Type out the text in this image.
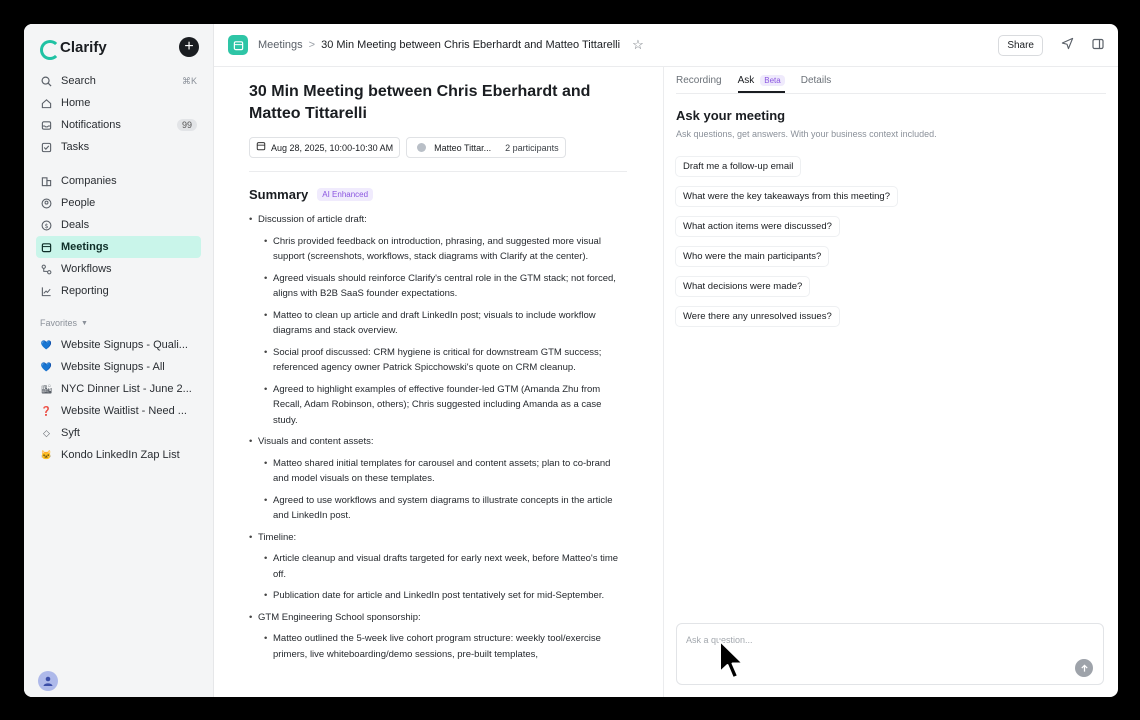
Clarify	+
Search	⌘K
Home
Notifications	99
Tasks
Companies
People
$ Deals
Meetings
Workflows
Reporting
Favorites ▼
💙 Website Signups - Quali...
💙 Website Signups - All
🏙 NYC Dinner List - June 2...
❓ Website Waitlist - Need ...
◇ Syft
🐱 Kondo LinkedIn Zap List
Meetings > 30 Min Meeting between Chris Eberhardt and Matteo Tittarelli ☆	Share
30 Min Meeting between Chris Eberhardt and Matteo Tittarelli
Aug 28, 2025, 10:00-10:30 AM	Matteo Tittar... 2 participants
Summary	AI Enhanced
• Discussion of article draft:
• Chris provided feedback on introduction, phrasing, and suggested more visual support (screenshots, workflows, stack diagrams with Clarify at the center).
• Agreed visuals should reinforce Clarify's central role in the GTM stack; not forced, aligns with B2B SaaS founder expectations.
• Matteo to clean up article and draft LinkedIn post; visuals to include workflow diagrams and stack overview.
• Social proof discussed: CRM hygiene is critical for downstream GTM success; referenced agency owner Patrick Spicchowski's quote on CRM cleanup.
• Agreed to highlight examples of effective founder-led GTM (Amanda Zhu from Recall, Adam Robinson, others); Chris suggested including Amanda as a case study.
• Visuals and content assets:
• Matteo shared initial templates for carousel and content assets; plan to co-brand and model visuals on these templates.
• Agreed to use workflows and system diagrams to illustrate concepts in the article and LinkedIn post.
• Timeline:
• Article cleanup and visual drafts targeted for early next week, before Matteo's time off.
• Publication date for article and LinkedIn post tentatively set for mid-September.
• GTM Engineering School sponsorship:
• Matteo outlined the 5-week live cohort program structure: weekly tool/exercise primers, live whiteboarding/demo sessions, pre-built templates,
Recording Ask	Beta	Details
Ask your meeting
Ask questions, get answers. With your business context included.
Draft me a follow-up email
What were the key takeaways from this meeting?
What action items were discussed?
Who were the main participants?
What decisions were made?
Were there any unresolved issues?
Ask a question...
